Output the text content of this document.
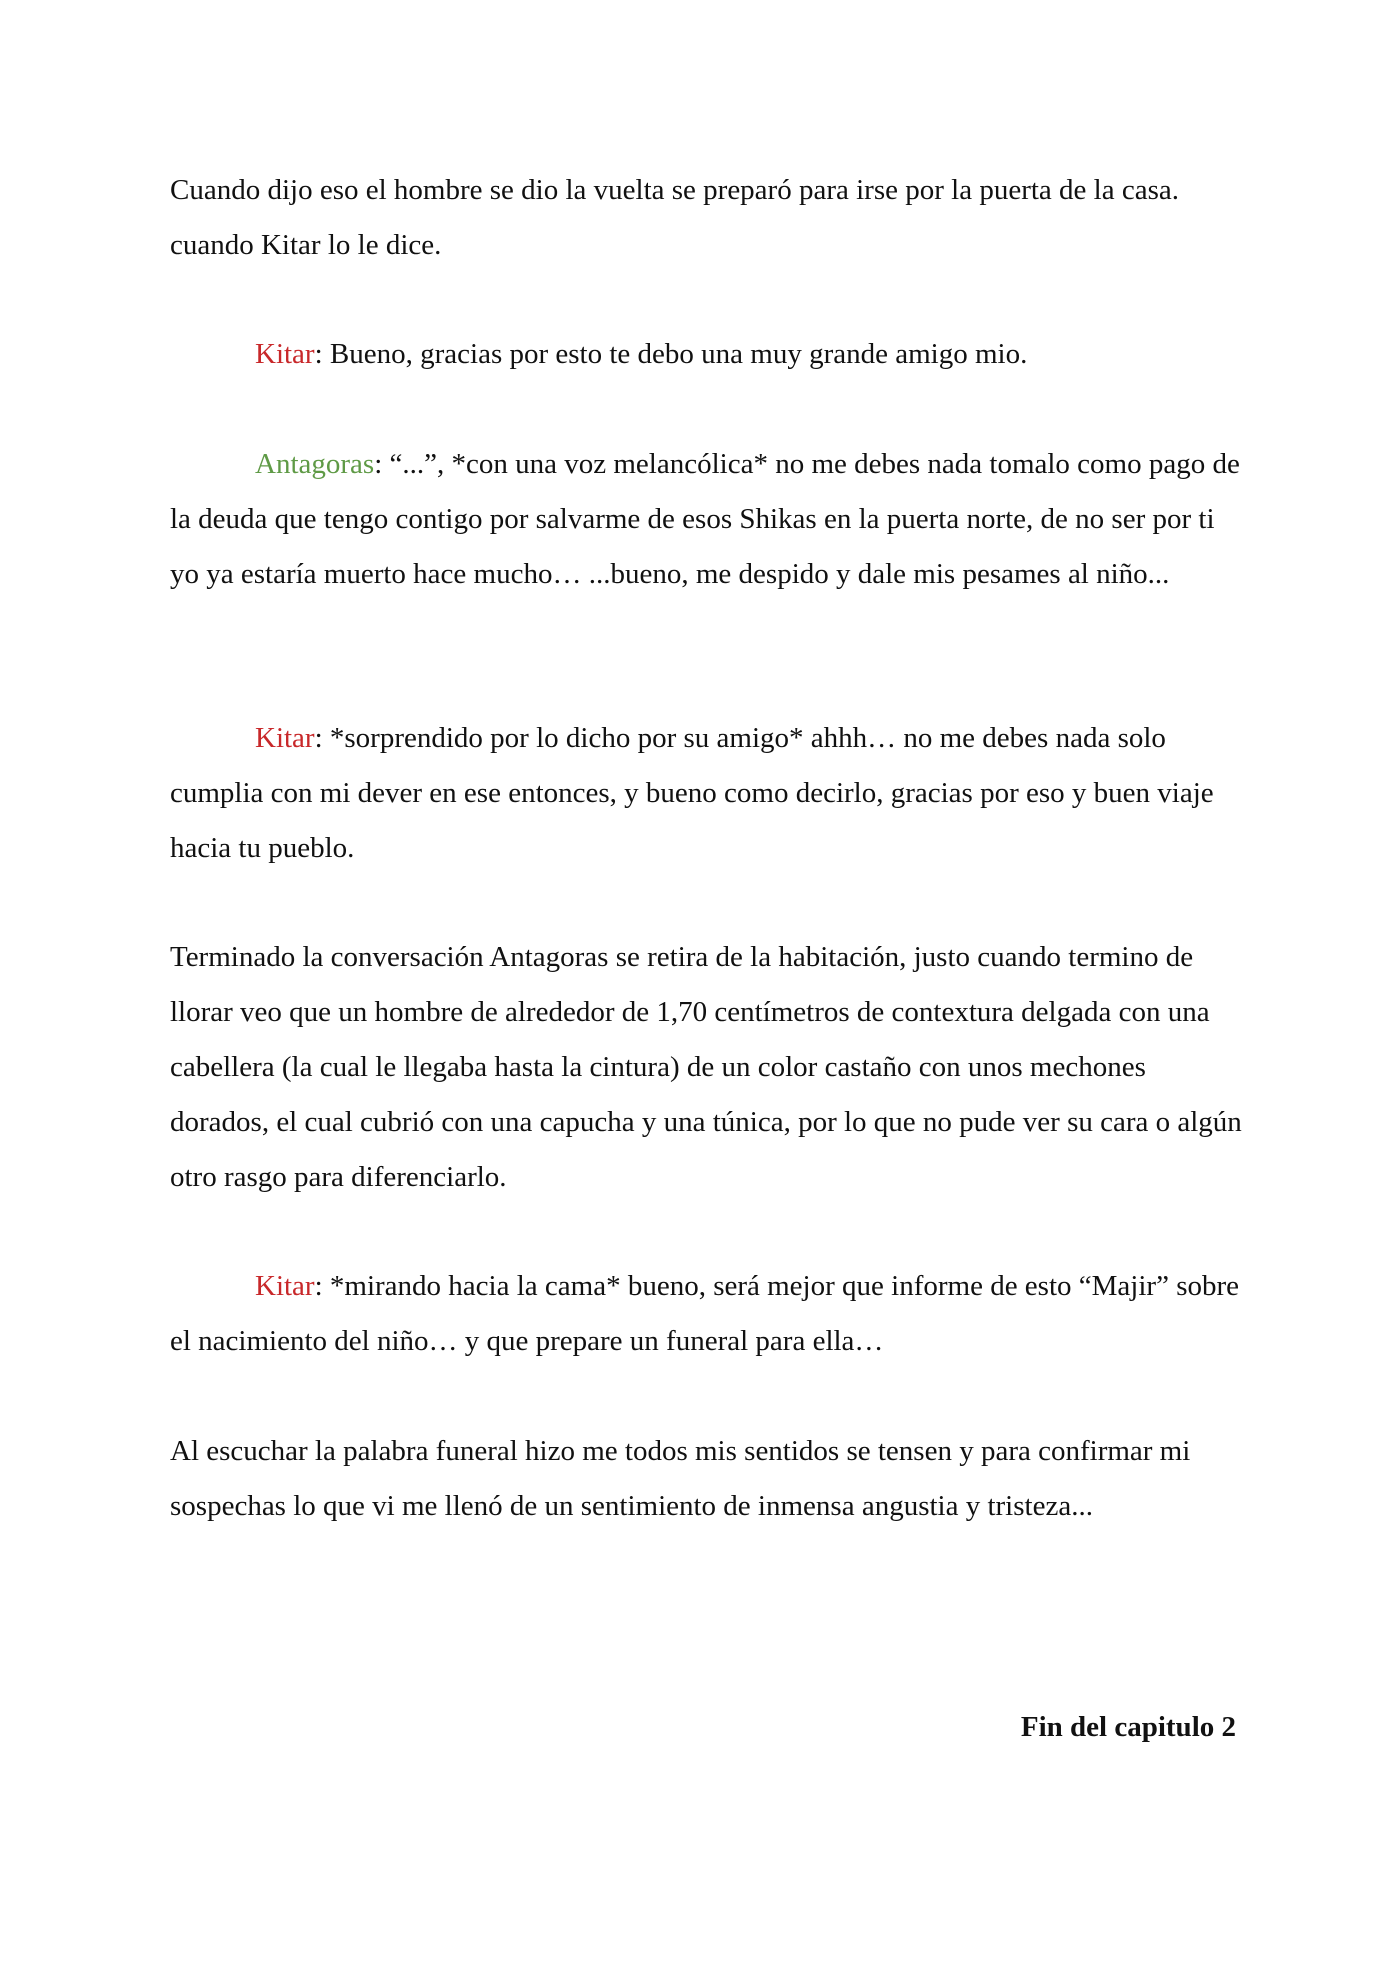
Cuando dijo eso el hombre se dio la vuelta se preparó para irse por la puerta de la casa. cuando Kitar lo le dice.

Kitar: Bueno, gracias por esto te debo una muy grande amigo mio.

Antagoras: “...”, *con una voz melancólica* no me debes nada tomalo como pago de la deuda que tengo contigo por salvarme de esos Shikas en la puerta norte, de no ser por ti yo ya estaría muerto hace mucho… ...bueno, me despido y dale mis pesames al niño...

Kitar: *sorprendido por lo dicho por su amigo* ahhh… no me debes nada solo cumplia con mi dever en ese entonces, y bueno como decirlo, gracias por eso y buen viaje hacia tu pueblo.

Terminado la conversación Antagoras se retira de la habitación, justo cuando termino de llorar veo que un hombre de alrededor de 1,70 centímetros de contextura delgada con una cabellera (la cual le llegaba hasta la cintura) de un color castaño con unos mechones dorados, el cual cubrió con una capucha y una túnica, por lo que no pude ver su cara o algún otro rasgo para diferenciarlo.

Kitar: *mirando hacia la cama* bueno, será mejor que informe de esto “Majir” sobre el nacimiento del niño… y que prepare un funeral para ella…

Al escuchar la palabra funeral hizo me todos mis sentidos se tensen y para confirmar mi sospechas lo que vi me llenó de un sentimiento de inmensa angustia y tristeza...

Fin del capitulo 2
